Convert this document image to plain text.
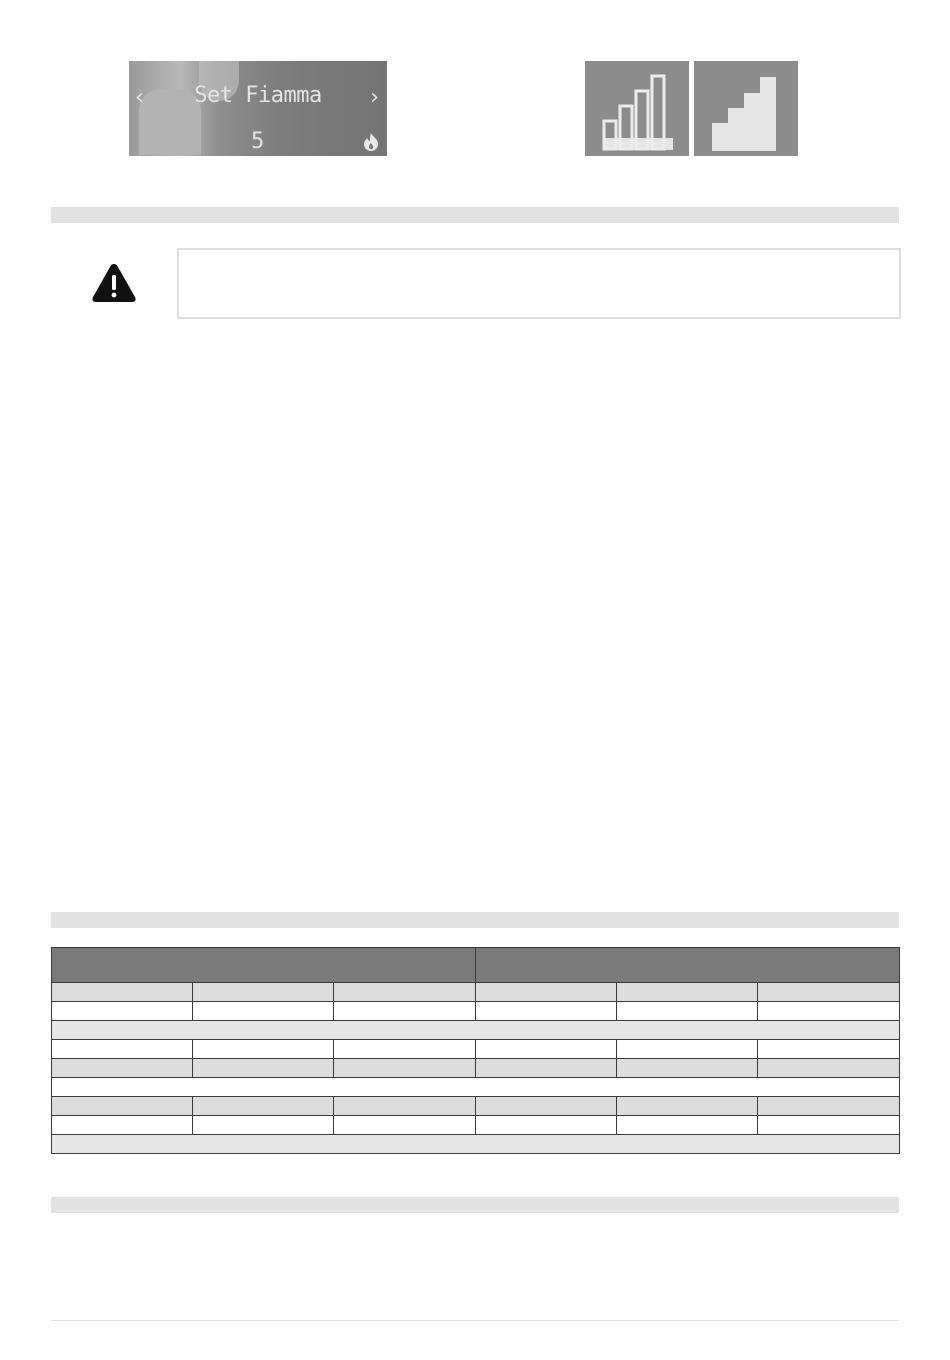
‹	Set Fiamma	›
5
